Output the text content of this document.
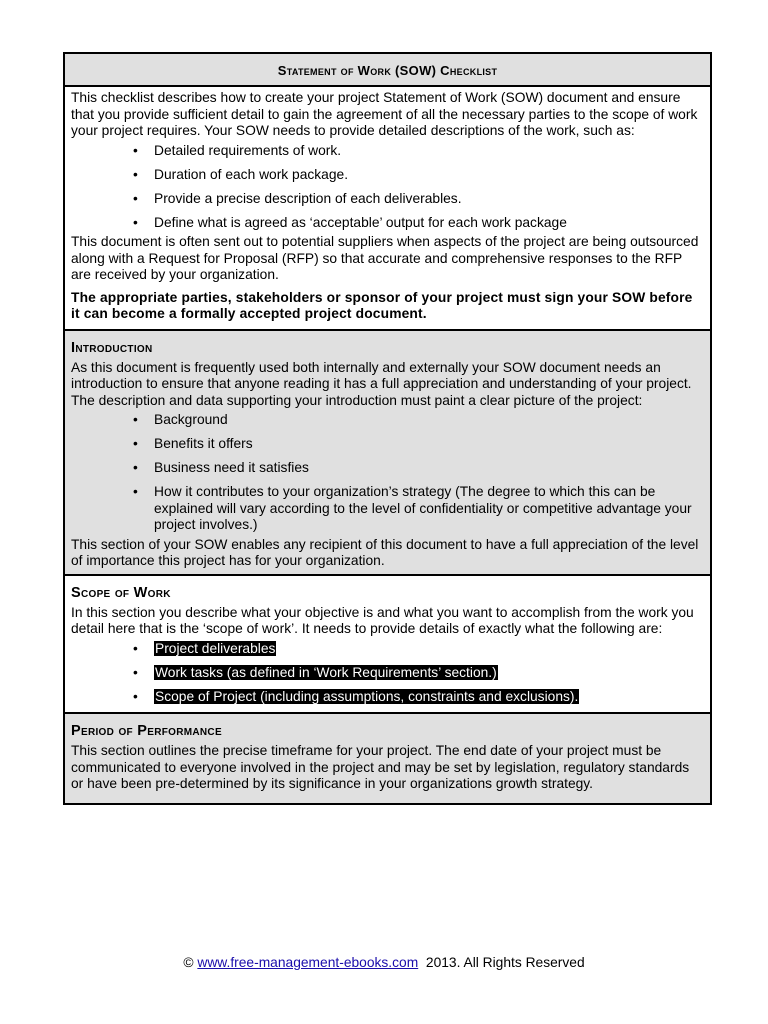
Statement of Work (SOW) Checklist

This checklist describes how to create your project Statement of Work (SOW) document and ensure that you provide sufficient detail to gain the agreement of all the necessary parties to the scope of work your project requires. Your SOW needs to provide detailed descriptions of the work, such as:

• Detailed requirements of work.
• Duration of each work package.
• Provide a precise description of each deliverables.
• Define what is agreed as ‘acceptable’ output for each work package

This document is often sent out to potential suppliers when aspects of the project are being outsourced along with a Request for Proposal (RFP) so that accurate and comprehensive responses to the RFP are received by your organization.

The appropriate parties, stakeholders or sponsor of your project must sign your SOW before it can become a formally accepted project document.

Introduction

As this document is frequently used both internally and externally your SOW document needs an introduction to ensure that anyone reading it has a full appreciation and understanding of your project. The description and data supporting your introduction must paint a clear picture of the project:

• Background
• Benefits it offers
• Business need it satisfies
• How it contributes to your organization’s strategy (The degree to which this can be explained will vary according to the level of confidentiality or competitive advantage your project involves.)

This section of your SOW enables any recipient of this document to have a full appreciation of the level of importance this project has for your organization.

Scope of Work

In this section you describe what your objective is and what you want to accomplish from the work you detail here that is the ‘scope of work’. It needs to provide details of exactly what the following are:

• Project deliverables
• Work tasks (as defined in ‘Work Requirements’ section.)
• Scope of Project (including assumptions, constraints and exclusions).
Period of Performance

This section outlines the precise timeframe for your project. The end date of your project must be communicated to everyone involved in the project and may be set by legislation, regulatory standards or have been pre-determined by its significance in your organizations growth strategy.

© www.free-management-ebooks.com 2013. All Rights Reserved
